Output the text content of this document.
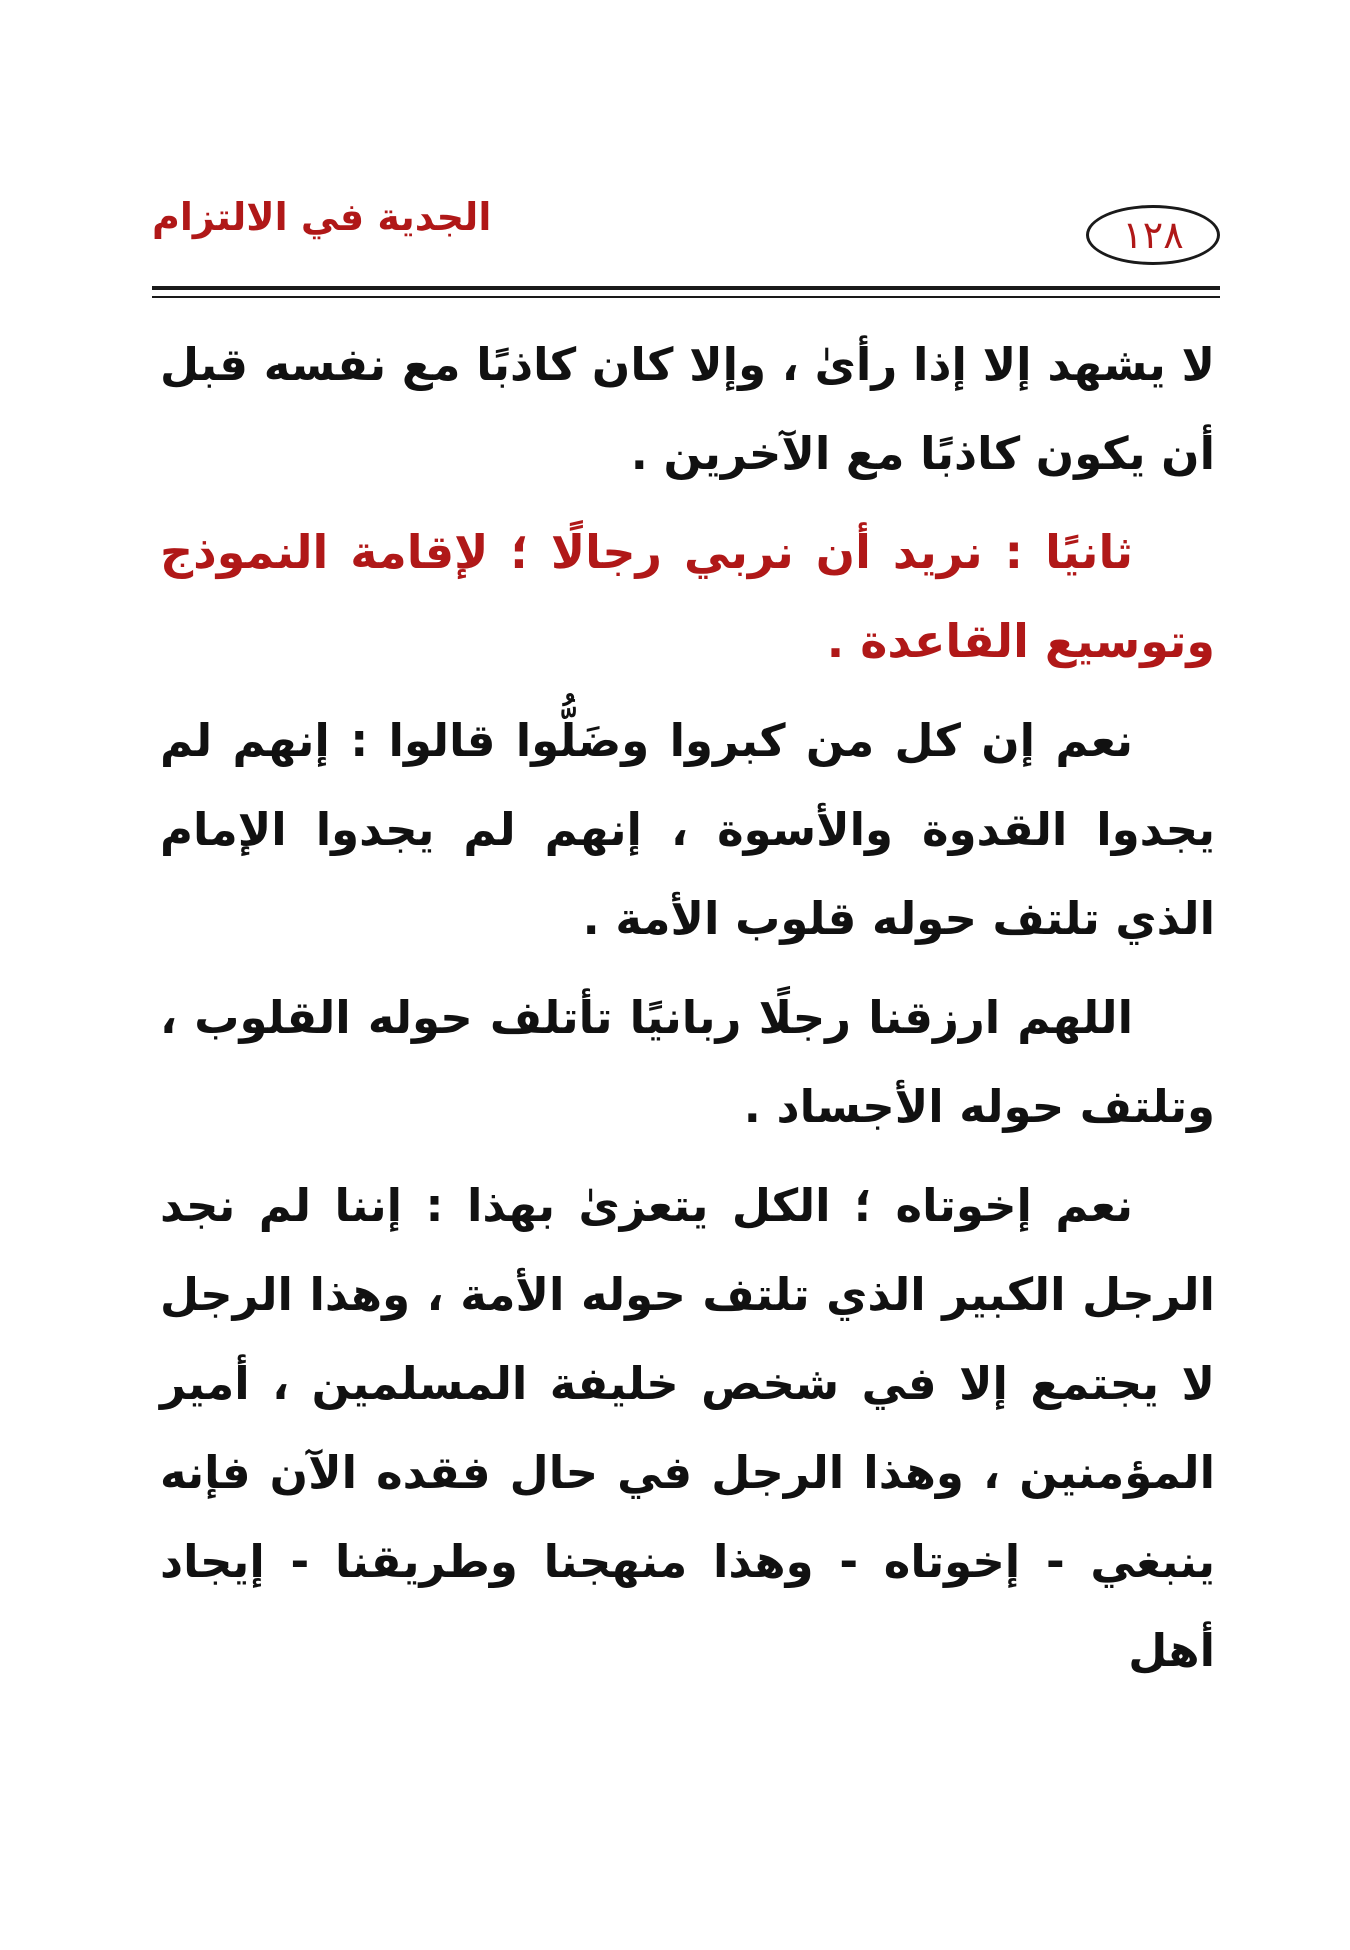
١٢٨
الجدية في الالتزام

لا يشهد إلا إذا رأىٰ ، وإلا كان كاذبًا مع نفسه قبل أن يكون كاذبًا مع الآخرين .

ثانيًا : نريد أن نربي رجالًا ؛ لإقامة النموذج وتوسيع القاعدة .

نعم إن كل من كبروا وضَلُّوا قالوا : إنهم لم يجدوا القدوة والأسوة ، إنهم لم يجدوا الإمام الذي تلتف حوله قلوب الأمة .

اللهم ارزقنا رجلًا ربانيًا تأتلف حوله القلوب ، وتلتف حوله الأجساد .

نعم إخوتاه ؛ الكل يتعزىٰ بهذا : إننا لم نجد الرجل الكبير الذي تلتف حوله الأمة ، وهذا الرجل لا يجتمع إلا في شخص خليفة المسلمين ، أمير المؤمنين ، وهذا الرجل في حال فقده الآن فإنه ينبغي - إخوتاه - وهذا منهجنا وطريقنا - إيجاد أهل
